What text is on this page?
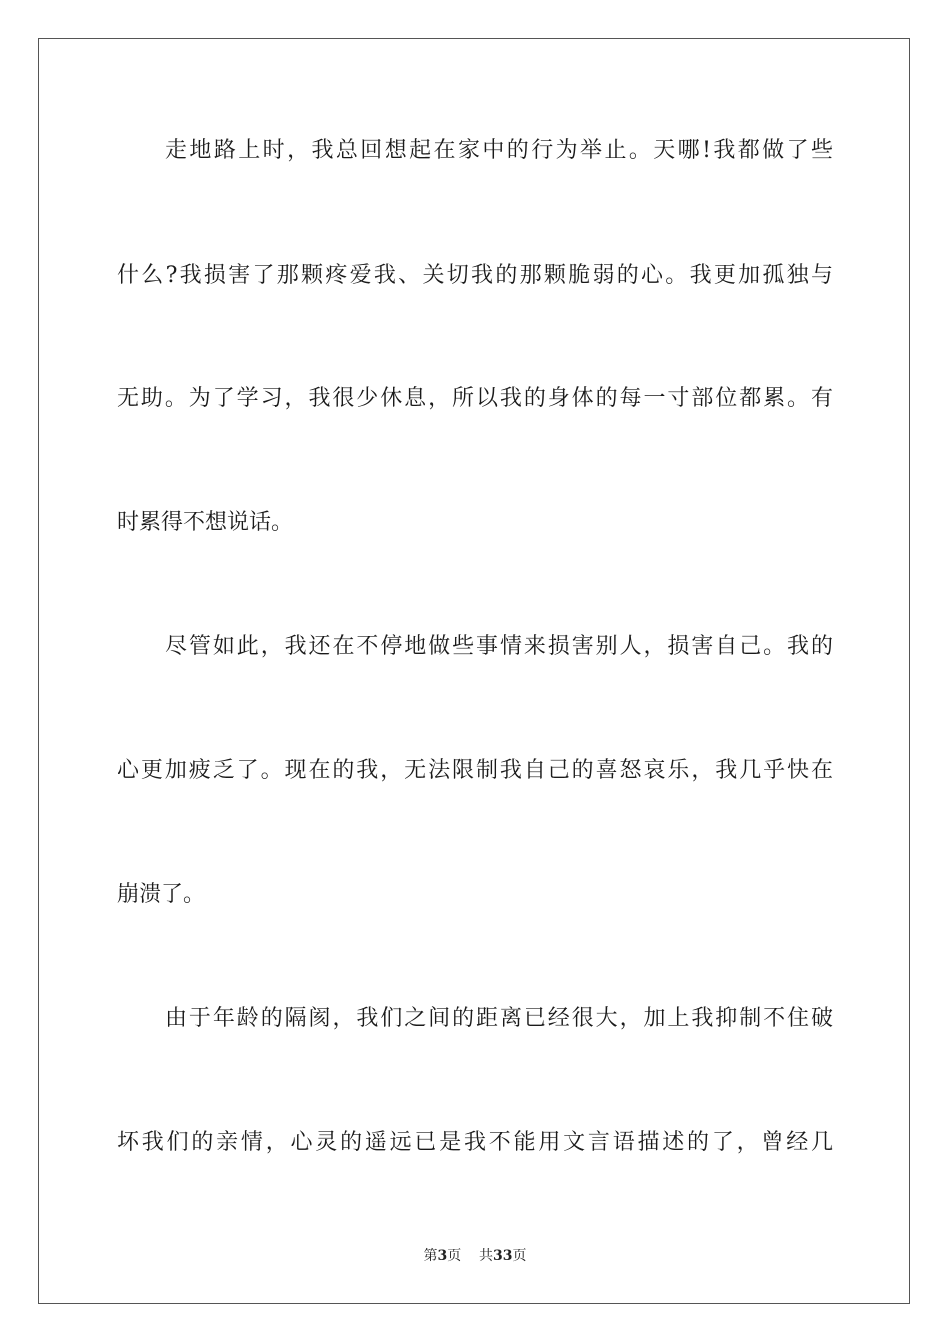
走地路上时，我总回想起在家中的行为举止。天哪!我都做了些
什么?我损害了那颗疼爱我、关切我的那颗脆弱的心。我更加孤独与
无助。为了学习，我很少休息，所以我的身体的每一寸部位都累。有
时累得不想说话。
尽管如此，我还在不停地做些事情来损害别人，损害自己。我的
心更加疲乏了。现在的我，无法限制我自己的喜怒哀乐，我几乎快在
崩溃了。
由于年龄的隔阂，我们之间的距离已经很大，加上我抑制不住破
坏我们的亲情，心灵的遥远已是我不能用文言语描述的了，曾经几
第3页 共33页
